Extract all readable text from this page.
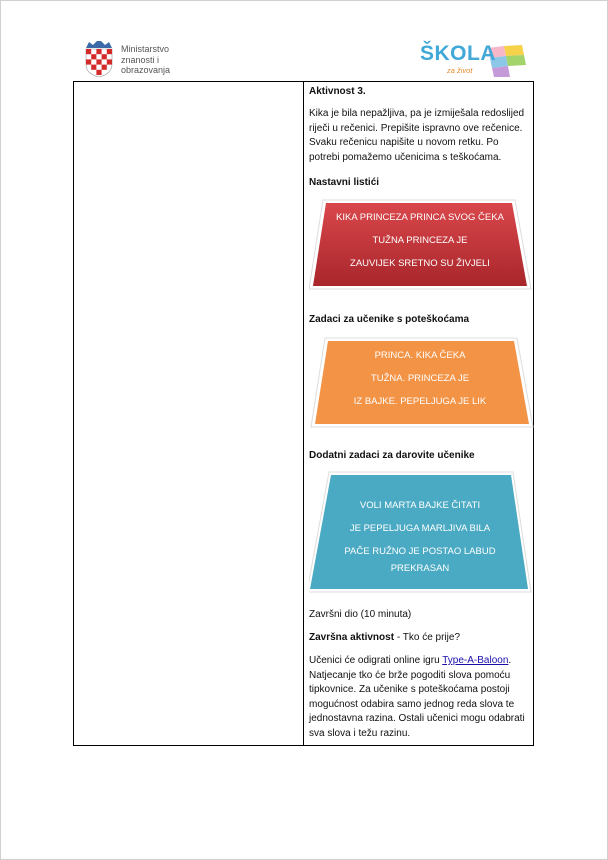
Ministarstvo
znanosti i
obrazovanja
ŠKOLA
za život
Aktivnost 3.
Kika je bila nepažljiva, pa je izmiješala redoslijed riječi u rečenici. Prepišite ispravno ove rečenice. Svaku rečenicu napišite u novom retku. Po potrebi pomažemo učenicima s teškoćama.
Nastavni listići
KIKA PRINCEZA PRINCA SVOG ČEKA
TUŽNA PRINCEZA JE
ZAUVIJEK SRETNO SU ŽIVJELI
Zadaci za učenike s poteškoćama
PRINCA. KIKA ČEKA
TUŽNA. PRINCEZA JE
IZ BAJKE. PEPELJUGA JE LIK
Dodatni zadaci za darovite učenike
VOLI MARTA BAJKE ČITATI
JE PEPELJUGA MARLJIVA BILA
PAČE RUŽNO JE POSTAO LABUD
PREKRASAN
Završni dio (10 minuta)
Završna aktivnost - Tko će prije?
Učenici će odigrati online igru Type-A-Baloon. Natjecanje tko će brže pogoditi slova pomoću tipkovnice. Za učenike s poteškoćama postoji mogućnost odabira samo jednog reda slova te jednostavna razina. Ostali učenici mogu odabrati sva slova i težu razinu.
